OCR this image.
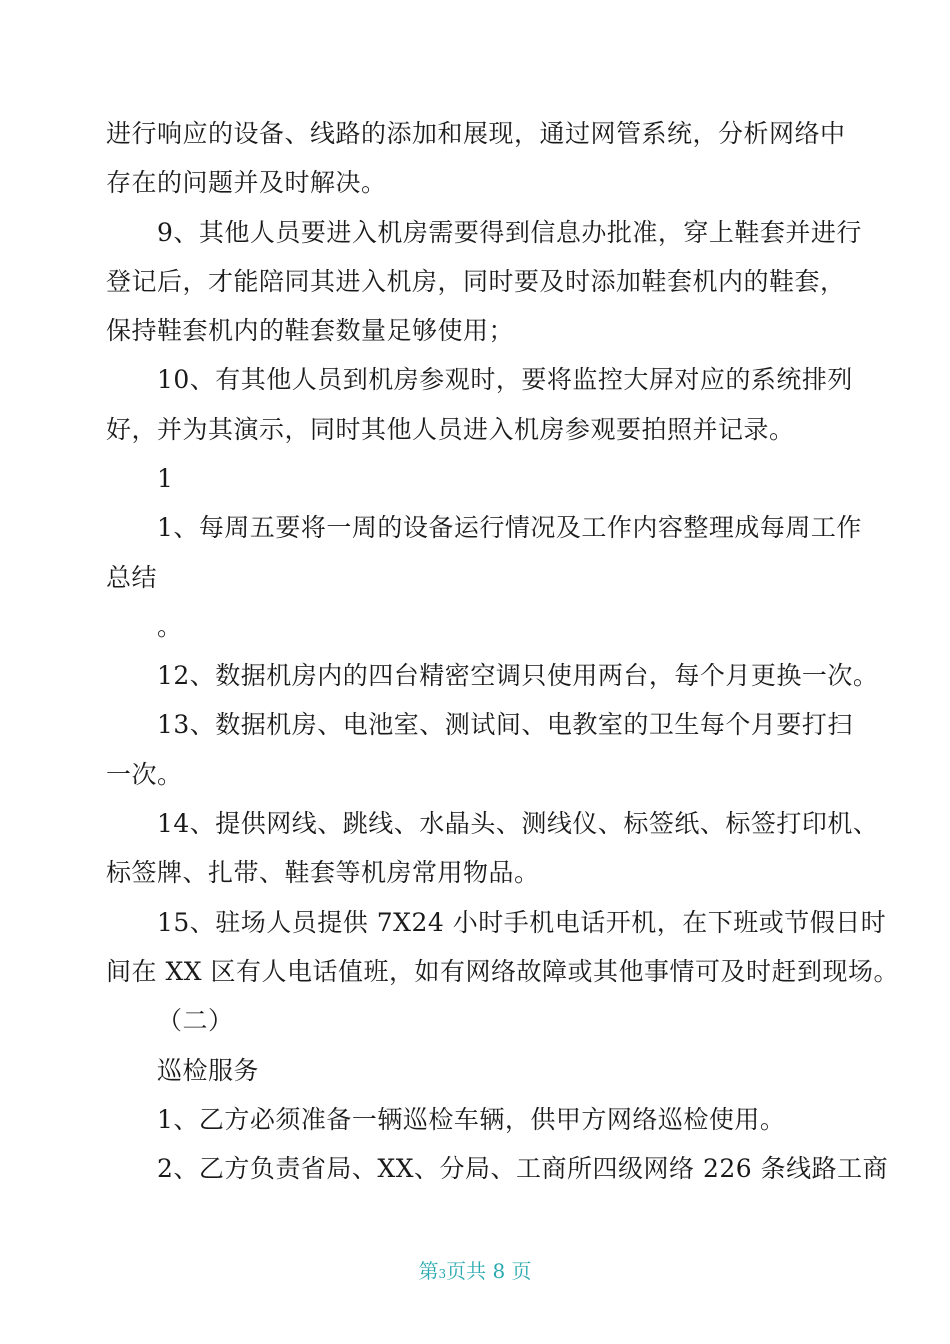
进行响应的设备、线路的添加和展现，通过网管系统，分析网络中
存在的问题并及时解决。
9、其他人员要进入机房需要得到信息办批准，穿上鞋套并进行
登记后，才能陪同其进入机房，同时要及时添加鞋套机内的鞋套，
保持鞋套机内的鞋套数量足够使用；
10、有其他人员到机房参观时，要将监控大屏对应的系统排列
好，并为其演示，同时其他人员进入机房参观要拍照并记录。
1
1、每周五要将一周的设备运行情况及工作内容整理成每周工作
总结
。
12、数据机房内的四台精密空调只使用两台，每个月更换一次。
13、数据机房、电池室、测试间、电教室的卫生每个月要打扫
一次。
14、提供网线、跳线、水晶头、测线仪、标签纸、标签打印机、
标签牌、扎带、鞋套等机房常用物品。
15、驻场人员提供 7X24 小时手机电话开机，在下班或节假日时
间在 XX 区有人电话值班，如有网络故障或其他事情可及时赶到现场。
（二）
巡检服务
1、乙方必须准备一辆巡检车辆，供甲方网络巡检使用。
2、乙方负责省局、XX、分局、工商所四级网络 226 条线路工商
第3页共 8 页
